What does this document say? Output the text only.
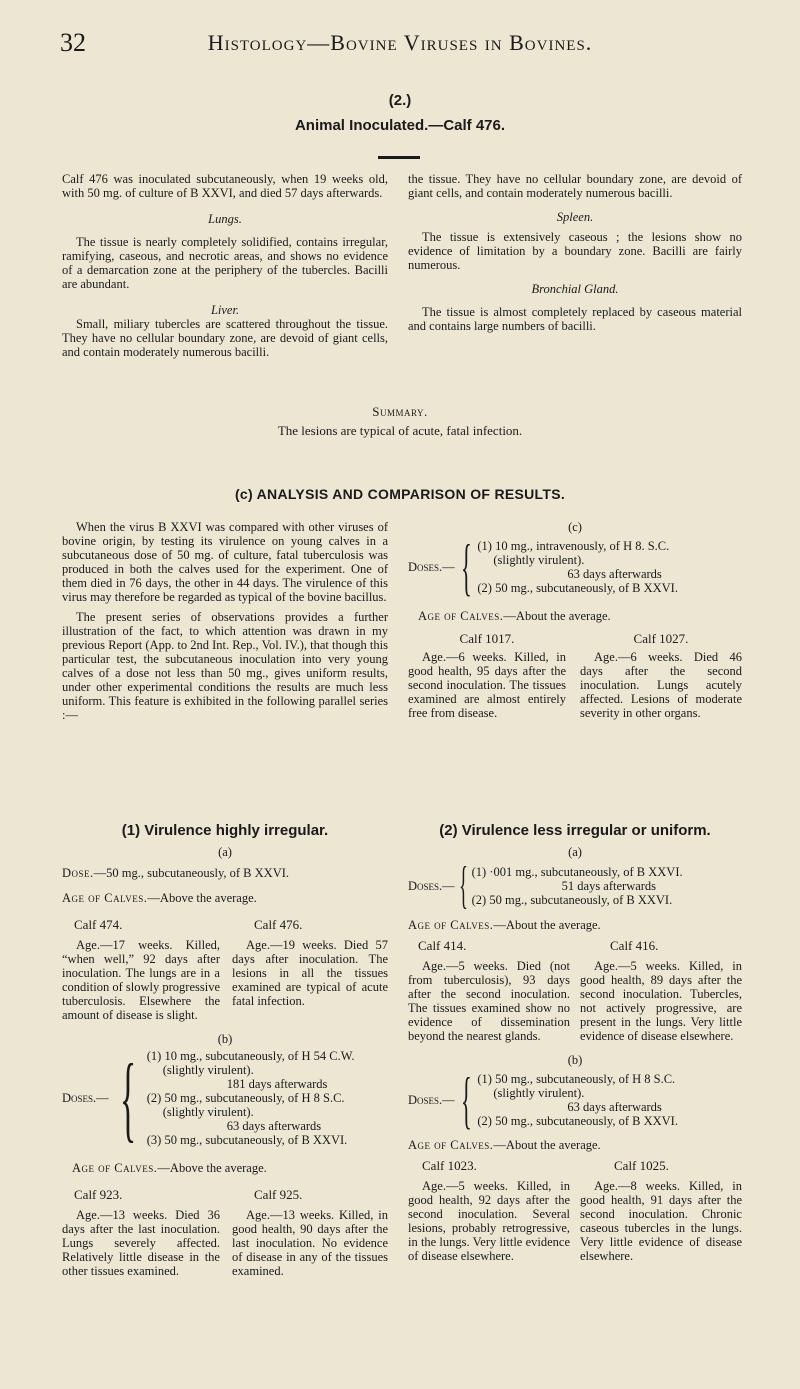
32	Histology—Bovine Viruses in Bovines.
(2.)
Animal Inoculated.—Calf 476.

Calf 476 was inoculated subcutaneously, when 19 weeks old, with 50 mg. of culture of B XXVI, and died 57 days afterwards.

Lungs.

The tissue is nearly completely solidified, contains irregular, ramifying, caseous, and necrotic areas, and shows no evidence of a demarcation zone at the periphery of the tubercles. Bacilli are abundant.

Liver.

Small, miliary tubercles are scattered throughout the tissue. They have no cellular boundary zone, are devoid of giant cells, and contain moderately numerous bacilli.

the tissue. They have no cellular boundary zone, are devoid of giant cells, and contain moderately numerous bacilli.

Spleen.

The tissue is extensively caseous ; the lesions show no evidence of limitation by a boundary zone. Bacilli are fairly numerous.

Bronchial Gland.

The tissue is almost completely replaced by caseous material and contains large numbers of bacilli.

Summary.
The lesions are typical of acute, fatal infection.
(c) ANALYSIS AND COMPARISON OF RESULTS.

When the virus B XXVI was compared with other viruses of bovine origin, by testing its virulence on young calves in a subcutaneous dose of 50 mg. of culture, fatal tuberculosis was produced in both the calves used for the experiment. One of them died in 76 days, the other in 44 days. The virulence of this virus may therefore be regarded as typical of the bovine bacillus.

The present series of observations provides a further illustration of the fact, to which attention was drawn in my previous Report (App. to 2nd Int. Rep., Vol. IV.), that though this particular test, the subcutaneous inoculation into very young calves of a dose not less than 50 mg., gives uniform results, under other experimental conditions the results are much less uniform. This feature is exhibited in the following parallel series :—

(c)
Doses.— { (1) 10 mg., intravenously, of H 8. S.C.
(slightly virulent).
63 days afterwards
(2) 50 mg., subcutaneously, of B XXVI.
Age of Calves.—About the average.
Calf 1017.
Age.—6 weeks. Killed, in good health, 95 days after the second inoculation. The tissues examined are almost entirely free from disease.
Calf 1027.
Age.—6 weeks. Died 46 days after the second inoculation. Lungs acutely affected. Lesions of moderate severity in other organs.
(1) Virulence highly irregular.
(a)
Dose.—50 mg., subcutaneously, of B XXVI.
Age of Calves.—Above the average.
Calf 474.
Age.—17 weeks. Killed, “when well,” 92 days after inoculation. The lungs are in a condition of slowly progressive tuberculosis. Elsewhere the amount of disease is slight.
Calf 476.
Age.—19 weeks. Died 57 days after inoculation. The lesions in all the tissues examined are typical of acute fatal infection.
(b)
Doses.— { (1) 10 mg., subcutaneously, of H 54 C.W.
(slightly virulent).
181 days afterwards
(2) 50 mg., subcutaneously, of H 8 S.C.
(slightly virulent).
63 days afterwards
(3) 50 mg., subcutaneously, of B XXVI.
Age of Calves.—Above the average.
Calf 923.
Age.—13 weeks. Died 36 days after the last inoculation. Lungs severely affected. Relatively little disease in the other tissues examined.
Calf 925.
Age.—13 weeks. Killed, in good health, 90 days after the last inoculation. No evidence of disease in any of the tissues examined.
(2) Virulence less irregular or uniform.
(a)
Doses.— { (1) ·001 mg., subcutaneously, of B XXVI.
51 days afterwards
(2) 50 mg., subcutaneously, of B XXVI.
Age of Calves.—About the average.
Calf 414.
Age.—5 weeks. Died (not from tuberculosis), 93 days after the second inoculation. The tissues examined show no evidence of dissemination beyond the nearest glands.
Calf 416.
Age.—5 weeks. Killed, in good health, 89 days after the second inoculation. Tubercles, not actively progressive, are present in the lungs. Very little evidence of disease elsewhere.
(b)
Doses.— { (1) 50 mg., subcutaneously, of H 8 S.C.
(slightly virulent).
63 days afterwards
(2) 50 mg., subcutaneously, of B XXVI.
Age of Calves.—About the average.
Calf 1023.
Age.—5 weeks. Killed, in good health, 92 days after the second inoculation. Several lesions, probably retrogressive, in the lungs. Very little evidence of disease elsewhere.
Calf 1025.
Age.—8 weeks. Killed, in good health, 91 days after the second inoculation. Chronic caseous tubercles in the lungs. Very little evidence of disease elsewhere.
